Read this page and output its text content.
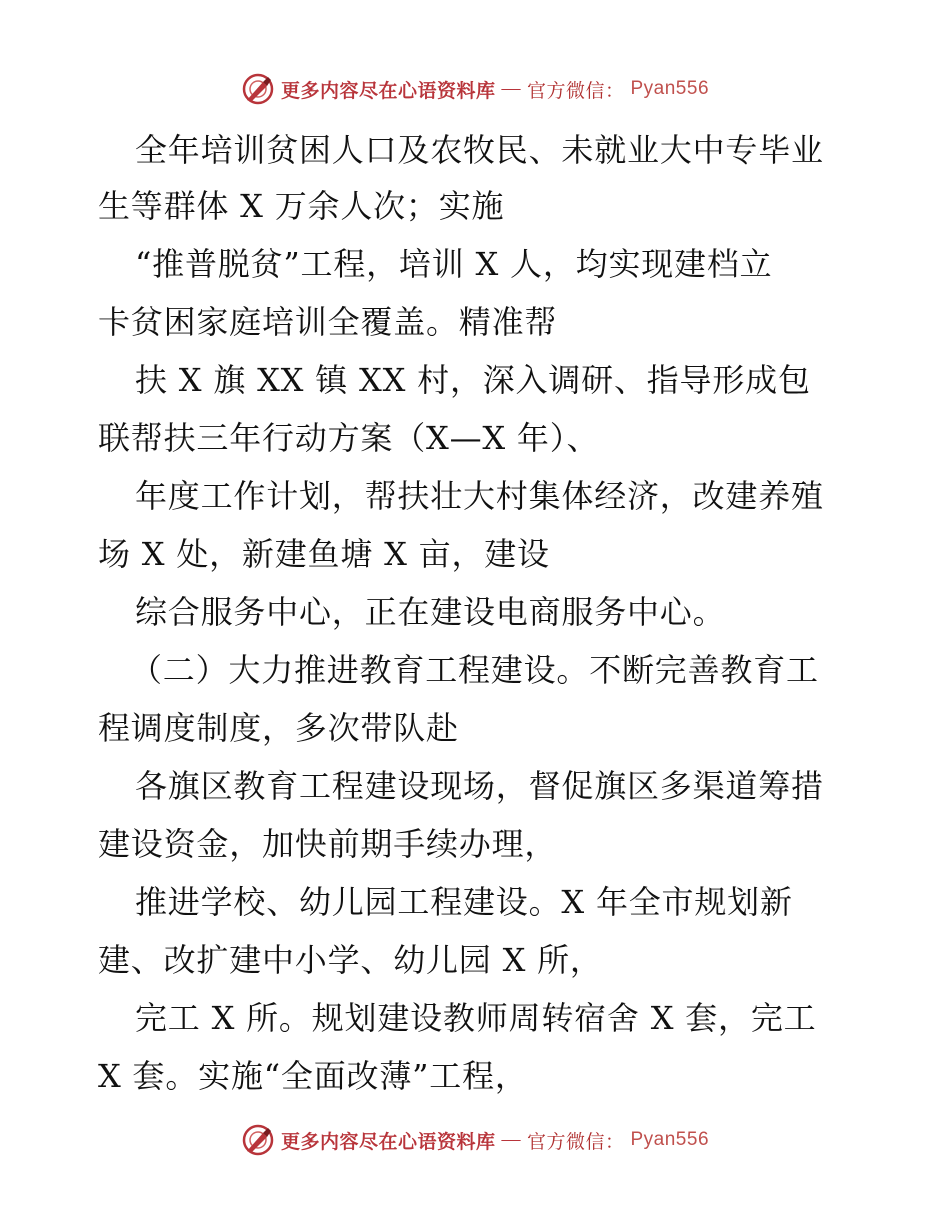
更多内容尽在心语资料库 — 官方微信： Pyan556
全年培训贫困人口及农牧民、未就业大中专毕业
生等群体 X 万余人次；实施
“推普脱贫”工程，培训 X 人，均实现建档立
卡贫困家庭培训全覆盖。精准帮
扶 X 旗 XX 镇 XX 村，深入调研、指导形成包
联帮扶三年行动方案（X—X 年）、
年度工作计划，帮扶壮大村集体经济，改建养殖
场 X 处，新建鱼塘 X 亩，建设
综合服务中心，正在建设电商服务中心。
（二）大力推进教育工程建设。不断完善教育工
程调度制度，多次带队赴
各旗区教育工程建设现场，督促旗区多渠道筹措
建设资金，加快前期手续办理，
推进学校、幼儿园工程建设。X 年全市规划新
建、改扩建中小学、幼儿园 X 所，
完工 X 所。规划建设教师周转宿舍 X 套，完工
X 套。实施“全面改薄”工程，
更多内容尽在心语资料库 — 官方微信： Pyan556
